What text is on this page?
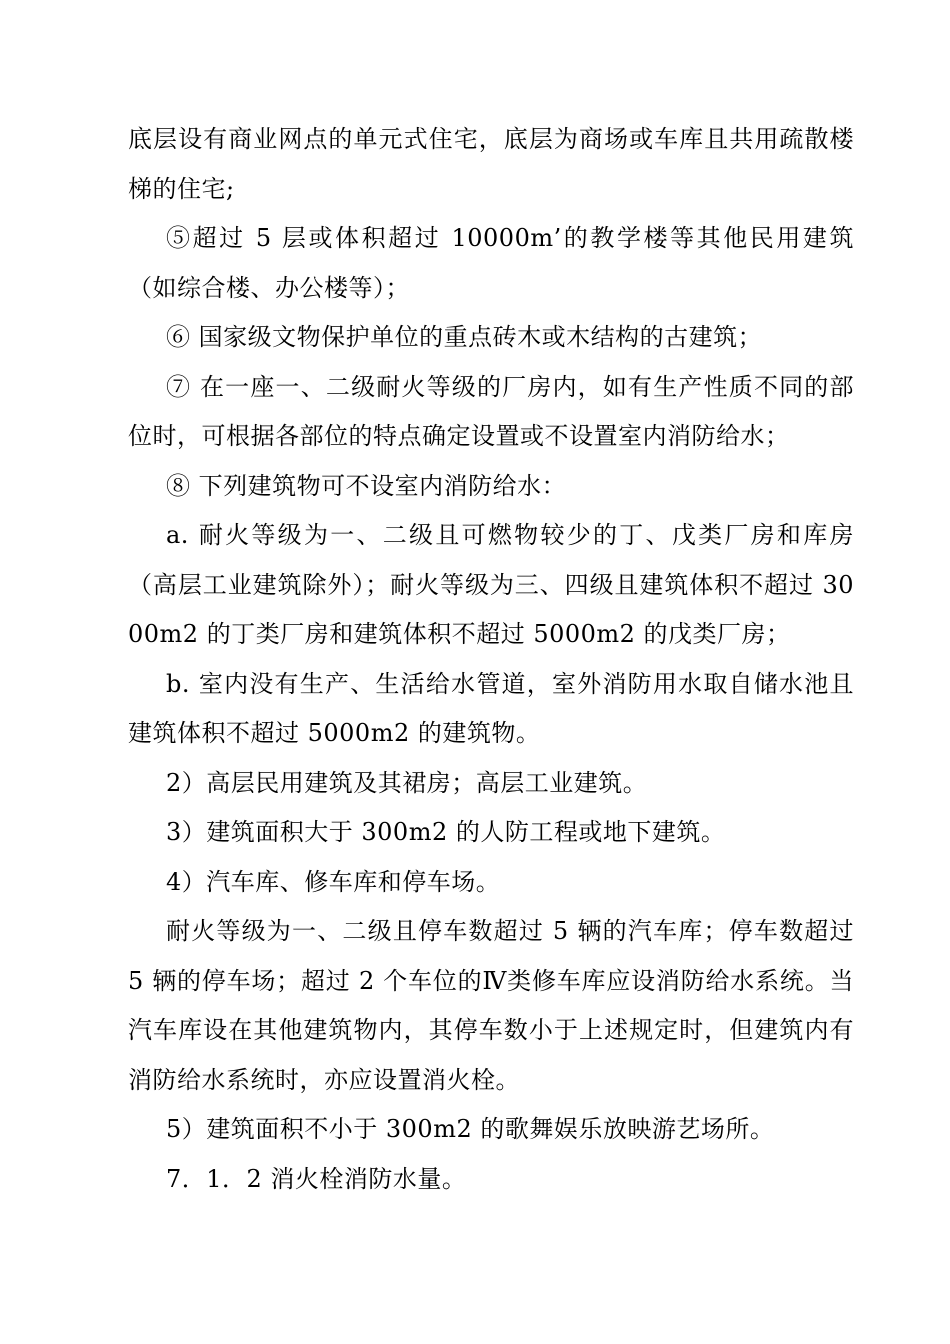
底层设有商业网点的单元式住宅，底层为商场或车库且共用疏散楼梯的住宅;

⑤超过 5 层或体积超过 10000m’的教学楼等其他民用建筑（如综合楼、办公楼等）；

⑥ 国家级文物保护单位的重点砖木或木结构的古建筑；

⑦ 在一座一、二级耐火等级的厂房内，如有生产性质不同的部位时，可根据各部位的特点确定设置或不设置室内消防给水；

⑧ 下列建筑物可不设室内消防给水：

a. 耐火等级为一、二级且可燃物较少的丁、戊类厂房和库房（高层工业建筑除外）；耐火等级为三、四级且建筑体积不超过 3000m2 的丁类厂房和建筑体积不超过 5000m2 的戊类厂房；

b. 室内没有生产、生活给水管道，室外消防用水取自储水池且建筑体积不超过 5000m2 的建筑物。

2）高层民用建筑及其裙房；高层工业建筑。

3）建筑面积大于 300m2 的人防工程或地下建筑。

4）汽车库、修车库和停车场。

耐火等级为一、二级且停车数超过 5 辆的汽车库；停车数超过 5 辆的停车场；超过 2 个车位的Ⅳ类修车库应设消防给水系统。当汽车库设在其他建筑物内，其停车数小于上述规定时，但建筑内有消防给水系统时，亦应设置消火栓。

5）建筑面积不小于 300m2 的歌舞娱乐放映游艺场所。

7．1．2 消火栓消防水量。
